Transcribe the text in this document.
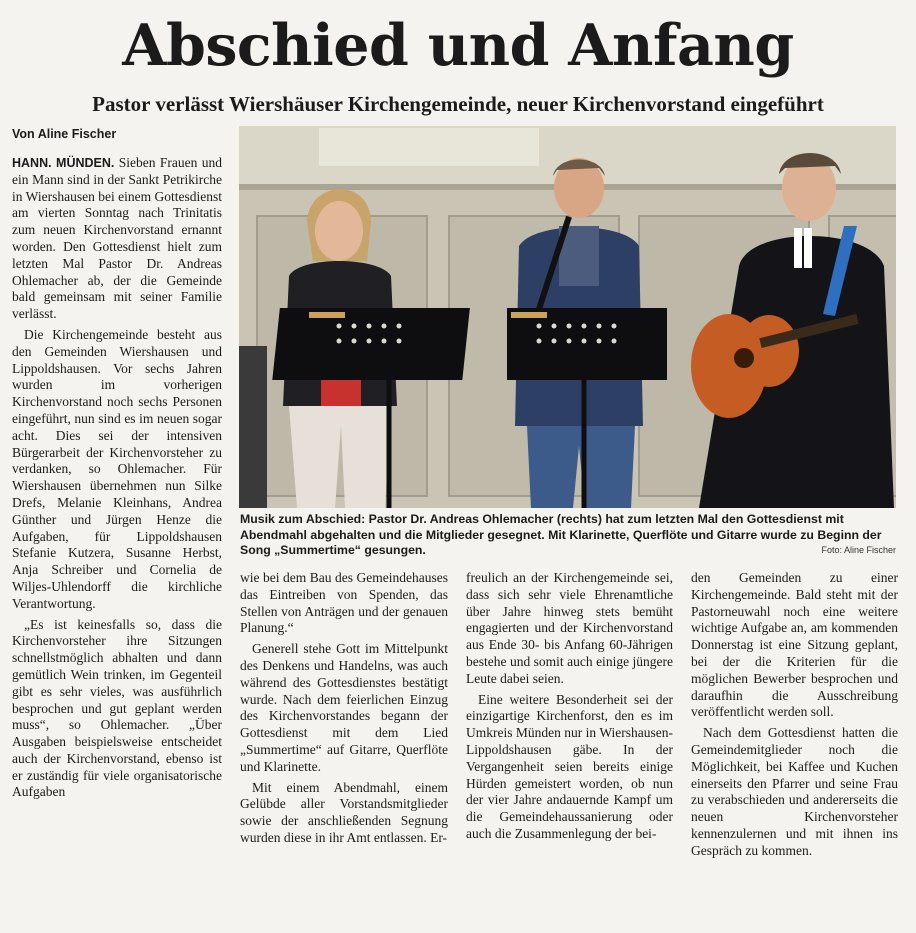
Abschied und Anfang
Pastor verlässt Wiershäuser Kirchengemeinde, neuer Kirchenvorstand eingeführt
Von Aline Fischer

HANN. MÜNDEN. Sieben Frauen und ein Mann sind in der Sankt Petrikirche in Wiershausen bei einem Gottesdienst am vierten Sonntag nach Trinitatis zum neuen Kirchenvorstand ernannt worden. Den Gottesdienst hielt zum letzten Mal Pastor Dr. Andreas Ohlemacher ab, der die Gemeinde bald gemeinsam mit seiner Familie verlässt.

Die Kirchengemeinde besteht aus den Gemeinden Wiershausen und Lippoldshausen. Vor sechs Jahren wurden im vorherigen Kirchenvorstand noch sechs Personen eingeführt, nun sind es im neuen sogar acht. Dies sei der intensiven Bürgerarbeit der Kirchenvorsteher zu verdanken, so Ohlemacher. Für Wiershausen übernehmen nun Silke Drefs, Melanie Kleinhans, Andrea Günther und Jürgen Henze die Aufgaben, für Lippoldshausen Stefanie Kutzera, Susanne Herbst, Anja Schreiber und Cornelia de Wiljes-Uhlendorff die kirchliche Verantwortung.

„Es ist keinesfalls so, dass die Kirchenvorsteher ihre Sitzungen schnellstmöglich abhalten und dann gemütlich Wein trinken, im Gegenteil gibt es sehr vieles, was ausführlich besprochen und gut geplant werden muss“, so Ohlemacher. „Über Ausgaben beispielsweise entscheidet auch der Kirchenvorstand, ebenso ist er zuständig für viele organisatorische Aufgaben

Musik zum Abschied: Pastor Dr. Andreas Ohlemacher (rechts) hat zum letzten Mal den Gottesdienst mit Abendmahl abgehalten und die Mitglieder gesegnet. Mit Klarinette, Querflöte und Gitarre wurde zu Beginn der Song „Summertime“ gesungen.	Foto: Aline Fischer

wie bei dem Bau des Gemeindehauses das Eintreiben von Spenden, das Stellen von Anträgen und der genauen Planung.“

Generell stehe Gott im Mittelpunkt des Denkens und Handelns, was auch während des Gottesdienstes bestätigt wurde. Nach dem feierlichen Einzug des Kirchenvorstandes begann der Gottesdienst mit dem Lied „Summertime“ auf Gitarre, Querflöte und Klarinette.

Mit einem Abendmahl, einem Gelübde aller Vorstandsmitglieder sowie der anschließenden Segnung wurden diese in ihr Amt entlassen. Er-

freulich an der Kirchengemeinde sei, dass sich sehr viele Ehrenamtliche über Jahre hinweg stets bemüht engagierten und der Kirchenvorstand aus Ende 30- bis Anfang 60-Jährigen bestehe und somit auch einige jüngere Leute dabei seien.

Eine weitere Besonderheit sei der einzigartige Kirchenforst, den es im Umkreis Münden nur in Wiershausen-Lippoldshausen gäbe. In der Vergangenheit seien bereits einige Hürden gemeistert worden, ob nun der vier Jahre andauernde Kampf um die Gemeindehaussanierung oder auch die Zusammenlegung der bei-

den Gemeinden zu einer Kirchengemeinde. Bald steht mit der Pastorneuwahl noch eine weitere wichtige Aufgabe an, am kommenden Donnerstag ist eine Sitzung geplant, bei der die Kriterien für die möglichen Bewerber besprochen und daraufhin die Ausschreibung veröffentlicht werden soll.

Nach dem Gottesdienst hatten die Gemeindemitglieder noch die Möglichkeit, bei Kaffee und Kuchen einerseits den Pfarrer und seine Frau zu verabschieden und andererseits die neuen Kirchenvorsteher kennenzulernen und mit ihnen ins Gespräch zu kommen.
